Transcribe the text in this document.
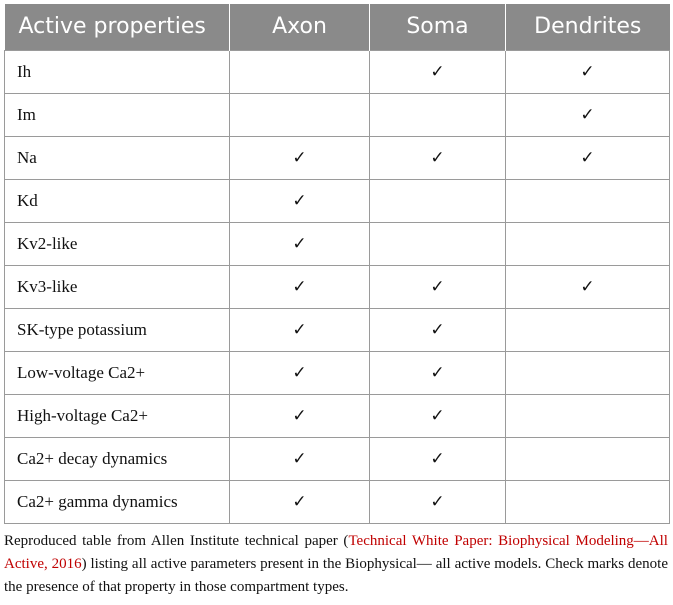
Active properties	Axon	Soma	Dendrites
Ih		✓	✓
Im			✓
Na	✓	✓	✓
Kd	✓		
Kv2-like	✓		
Kv3-like	✓	✓	✓
SK-type potassium	✓	✓	
Low-voltage Ca2+	✓	✓	
High-voltage Ca2+	✓	✓	
Ca2+ decay dynamics	✓	✓	
Ca2+ gamma dynamics	✓	✓	
Reproduced table from Allen Institute technical paper (Technical White Paper: Biophysical Modeling—All Active, 2016) listing all active parameters present in the Biophysical— all active models. Check marks denote the presence of that property in those compartment types.
